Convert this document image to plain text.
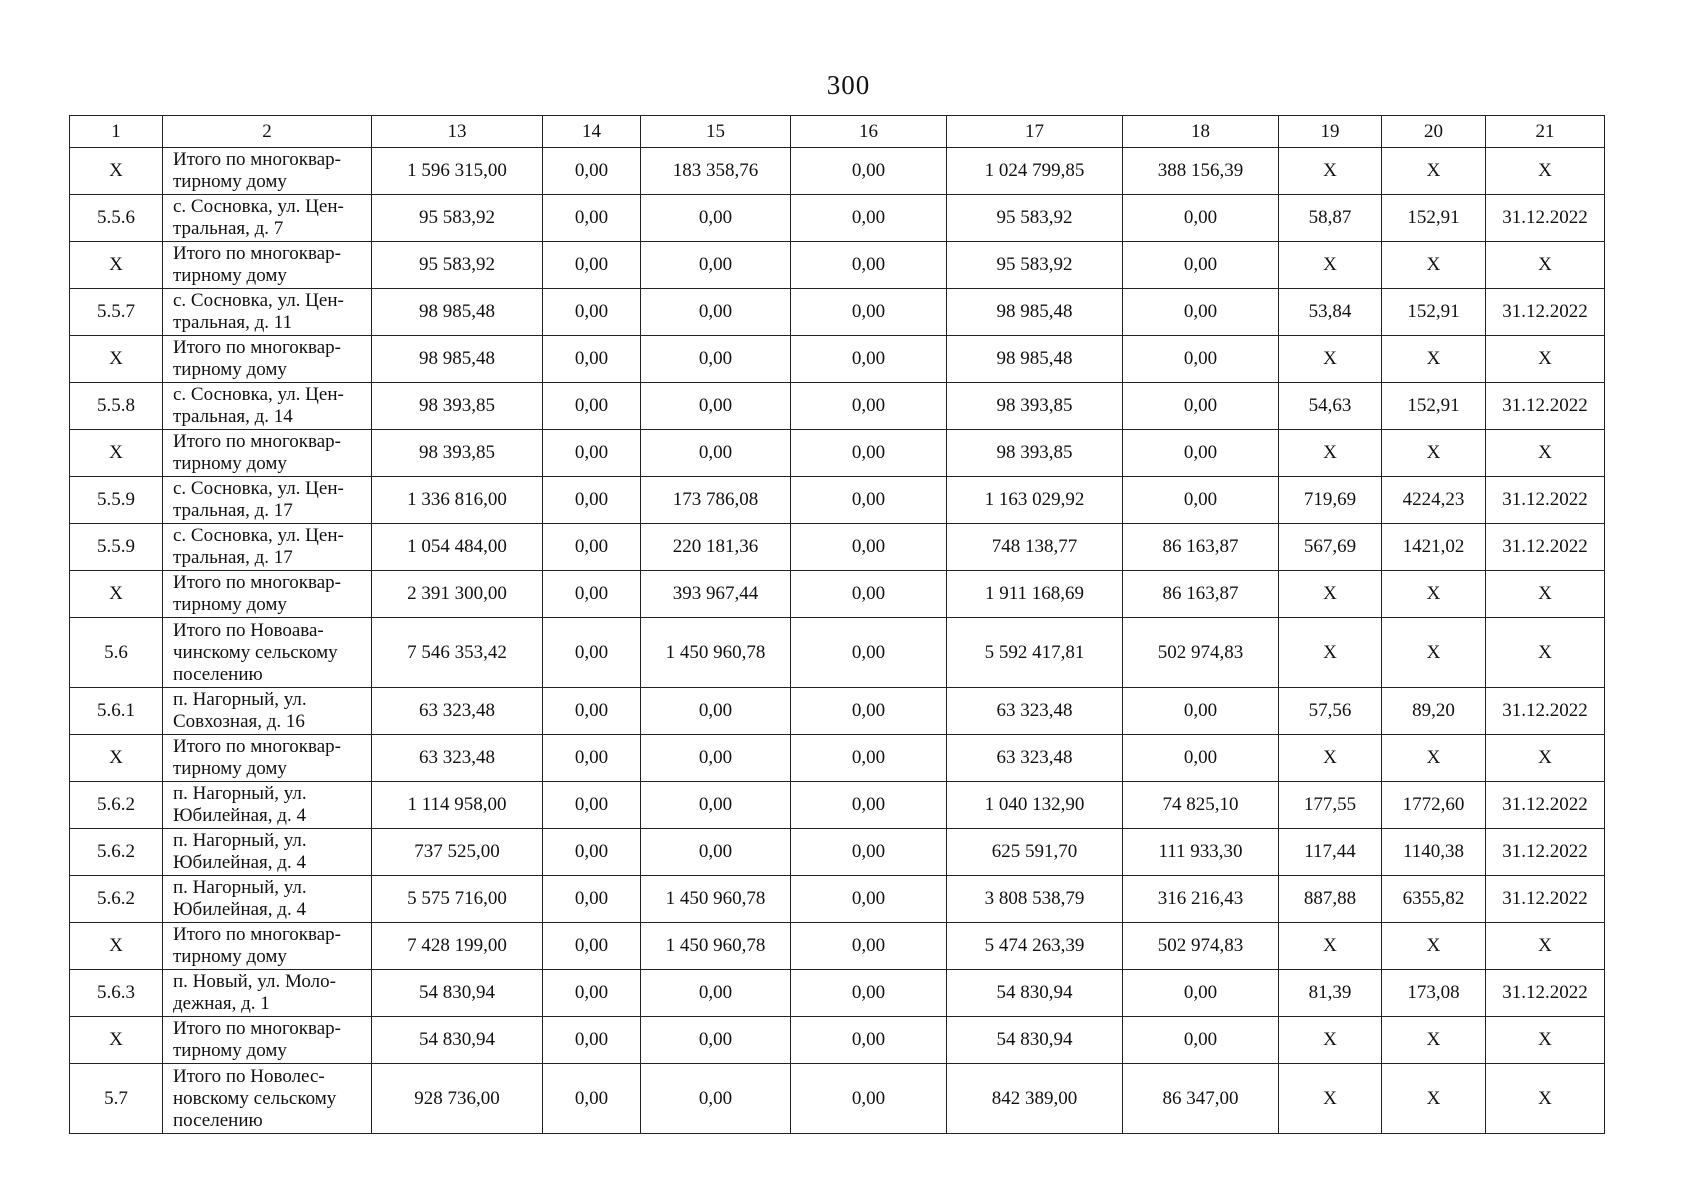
300
1	2	13	14	15	16	17	18	19	20	21
X	Итого по многоквар-тирному дому	1 596 315,00	0,00	183 358,76	0,00	1 024 799,85	388 156,39	X	X	X
5.5.6	с. Сосновка, ул. Цен-тральная, д. 7	95 583,92	0,00	0,00	0,00	95 583,92	0,00	58,87	152,91	31.12.2022
X	Итого по многоквар-тирному дому	95 583,92	0,00	0,00	0,00	95 583,92	0,00	X	X	X
5.5.7	с. Сосновка, ул. Цен-тральная, д. 11	98 985,48	0,00	0,00	0,00	98 985,48	0,00	53,84	152,91	31.12.2022
X	Итого по многоквар-тирному дому	98 985,48	0,00	0,00	0,00	98 985,48	0,00	X	X	X
5.5.8	с. Сосновка, ул. Цен-тральная, д. 14	98 393,85	0,00	0,00	0,00	98 393,85	0,00	54,63	152,91	31.12.2022
X	Итого по многоквар-тирному дому	98 393,85	0,00	0,00	0,00	98 393,85	0,00	X	X	X
5.5.9	с. Сосновка, ул. Цен-тральная, д. 17	1 336 816,00	0,00	173 786,08	0,00	1 163 029,92	0,00	719,69	4224,23	31.12.2022
5.5.9	с. Сосновка, ул. Цен-тральная, д. 17	1 054 484,00	0,00	220 181,36	0,00	748 138,77	86 163,87	567,69	1421,02	31.12.2022
X	Итого по многоквар-тирному дому	2 391 300,00	0,00	393 967,44	0,00	1 911 168,69	86 163,87	X	X	X
5.6	Итого по Новоава-чинскому сельскому поселению	7 546 353,42	0,00	1 450 960,78	0,00	5 592 417,81	502 974,83	X	X	X
5.6.1	п. Нагорный, ул. Совхозная, д. 16	63 323,48	0,00	0,00	0,00	63 323,48	0,00	57,56	89,20	31.12.2022
X	Итого по многоквар-тирному дому	63 323,48	0,00	0,00	0,00	63 323,48	0,00	X	X	X
5.6.2	п. Нагорный, ул. Юбилейная, д. 4	1 114 958,00	0,00	0,00	0,00	1 040 132,90	74 825,10	177,55	1772,60	31.12.2022
5.6.2	п. Нагорный, ул. Юбилейная, д. 4	737 525,00	0,00	0,00	0,00	625 591,70	111 933,30	117,44	1140,38	31.12.2022
5.6.2	п. Нагорный, ул. Юбилейная, д. 4	5 575 716,00	0,00	1 450 960,78	0,00	3 808 538,79	316 216,43	887,88	6355,82	31.12.2022
X	Итого по многоквар-тирному дому	7 428 199,00	0,00	1 450 960,78	0,00	5 474 263,39	502 974,83	X	X	X
5.6.3	п. Новый, ул. Моло-дежная, д. 1	54 830,94	0,00	0,00	0,00	54 830,94	0,00	81,39	173,08	31.12.2022
X	Итого по многоквар-тирному дому	54 830,94	0,00	0,00	0,00	54 830,94	0,00	X	X	X
5.7	Итого по Новолес-новскому сельскому поселению	928 736,00	0,00	0,00	0,00	842 389,00	86 347,00	X	X	X
